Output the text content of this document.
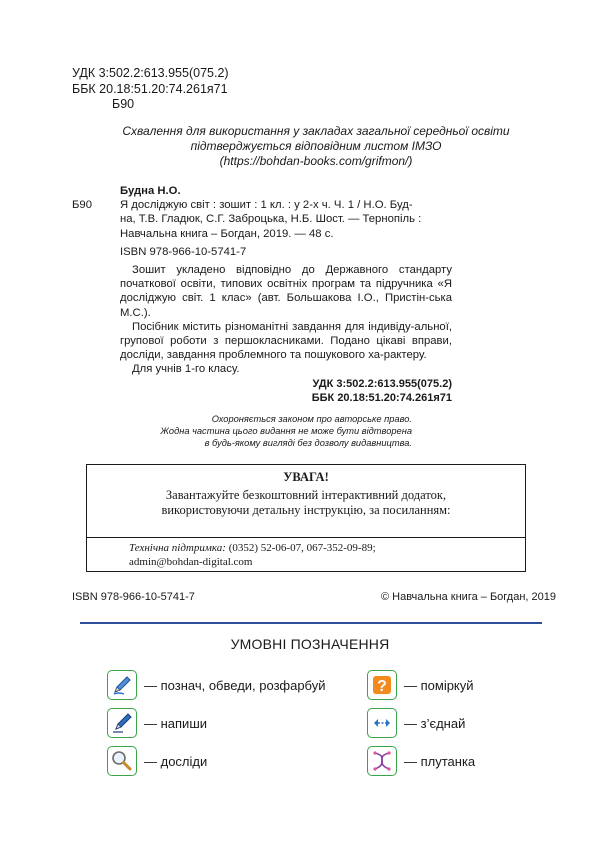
УДК 3:502.2:613.955(075.2)
ББК 20.18:51.20:74.261я71
Б90
Схвалення для використання у закладах загальної середньої освіти
підтверджується відповідним листом ІМЗО
(https://bohdan-books.com/grifmon/)
Будна Н.О.
Б90	Я досліджую світ : зошит : 1 кл. : у 2-х ч. Ч. 1 / Н.О. Буд-
на, Т.В. Гладюк, С.Г. Заброцька, Н.Б. Шост. — Тернопіль :
Навчальна книга – Богдан, 2019. — 48 с.
ISBN 978-966-10-5741-7

Зошит укладено відповідно до Державного стандарту початкової освіти, типових освітніх програм та підручника «Я досліджую світ. 1 клас» (авт. Большакова І.О., Пристін-ська М.С.).

Посібник містить різноманітні завдання для індивіду-альної, групової роботи з першокласниками. Подано цікаві вправи, досліди, завдання проблемного та пошукового ха-рактеру.

Для учнів 1-го класу.

УДК 3:502.2:613.955(075.2)
ББК 20.18:51.20:74.261я71
Охороняється законом про авторське право.
Жодна частина цього видання не може бути відтворена
в будь-якому вигляді без дозволу видавництва.
УВАГА!
Завантажуйте безкоштовний інтерактивний додаток,
використовуючи детальну інструкцію, за посиланням:
Технічна підтримка: (0352) 52-06-07, 067-352-09-89;
admin@bohdan-digital.com
ISBN 978-966-10-5741-7	© Навчальна книга – Богдан, 2019
УМОВНІ ПОЗНАЧЕННЯ
— познач, обведи, розфарбуй	? — поміркуй
— напиши	— з’єднай
— досліди	— плутанка
